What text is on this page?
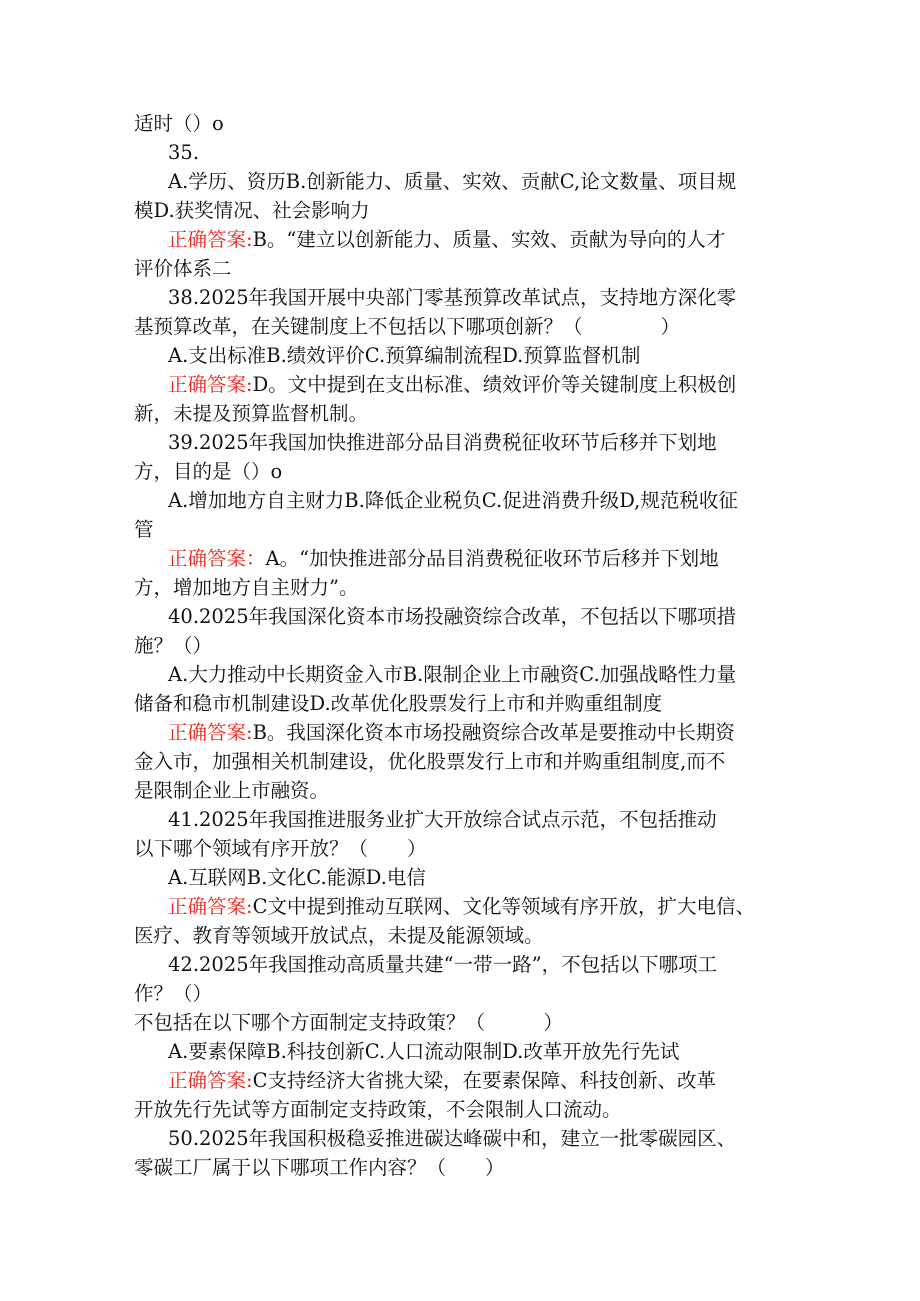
适时（）o
35.
A.学历、资历B.创新能力、质量、实效、贡献C,论文数量、项目规
模D.获奖情况、社会影响力
正确答案:B。“建立以创新能力、质量、实效、贡献为导向的人才
评价体系二
38.2025年我国开展中央部门零基预算改革试点，支持地方深化零
基预算改革，在关键制度上不包括以下哪项创新？（　　　　）
A.支出标准B.绩效评价C.预算编制流程D.预算监督机制
正确答案:D。文中提到在支出标准、绩效评价等关键制度上积极创
新，未提及预算监督机制。
39.2025年我国加快推进部分品目消费税征收环节后移并下划地
方，目的是（）o
A.增加地方自主财力B.降低企业税负C.促进消费升级D,规范税收征
管
正确答案：A。“加快推进部分品目消费税征收环节后移并下划地
方，增加地方自主财力”。
40.2025年我国深化资本市场投融资综合改革，不包括以下哪项措
施？（）
A.大力推动中长期资金入市B.限制企业上市融资C.加强战略性力量
储备和稳市机制建设D.改革优化股票发行上市和并购重组制度
正确答案:B。我国深化资本市场投融资综合改革是要推动中长期资
金入市，加强相关机制建设，优化股票发行上市和并购重组制度,而不
是限制企业上市融资。
41.2025年我国推进服务业扩大开放综合试点示范，不包括推动
以下哪个领域有序开放？（　　）
A.互联网B.文化C.能源D.电信
正确答案:C文中提到推动互联网、文化等领域有序开放，扩大电信、
医疗、教育等领域开放试点，未提及能源领域。
42.2025年我国推动高质量共建“一带一路”，不包括以下哪项工
作？（）
不包括在以下哪个方面制定支持政策？（　　　）
A.要素保障B.科技创新C.人口流动限制D.改革开放先行先试
正确答案:C支持经济大省挑大梁，在要素保障、科技创新、改革
开放先行先试等方面制定支持政策，不会限制人口流动。
50.2025年我国积极稳妥推进碳达峰碳中和，建立一批零碳园区、
零碳工厂属于以下哪项工作内容？（　　）
